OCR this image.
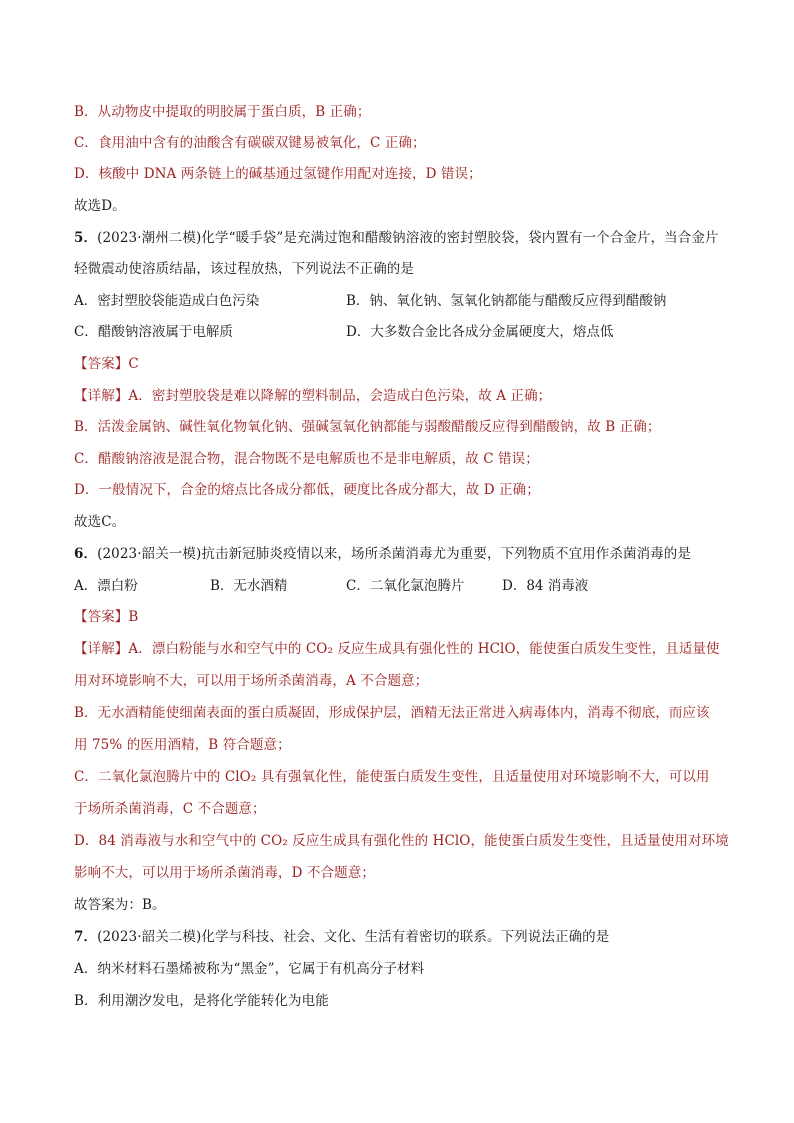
B．从动物皮中提取的明胶属于蛋白质，B 正确；
C．食用油中含有的油酸含有碳碳双键易被氧化，C 正确；
D．核酸中 DNA 两条链上的碱基通过氢键作用配对连接，D 错误；
故选D。
5．(2023·潮州二模)化学“暖手袋”是充满过饱和醋酸钠溶液的密封塑胶袋，袋内置有一个合金片，当合金片
轻微震动使溶质结晶，该过程放热，下列说法不正确的是
A．密封塑胶袋能造成白色污染	B．钠、氧化钠、氢氧化钠都能与醋酸反应得到醋酸钠
C．醋酸钠溶液属于电解质	D．大多数合金比各成分金属硬度大，熔点低
【答案】C
【详解】A．密封塑胶袋是难以降解的塑料制品，会造成白色污染，故 A 正确；
B．活泼金属钠、碱性氧化物氧化钠、强碱氢氧化钠都能与弱酸醋酸反应得到醋酸钠，故 B 正确；
C．醋酸钠溶液是混合物，混合物既不是电解质也不是非电解质，故 C 错误；
D．一般情况下，合金的熔点比各成分都低，硬度比各成分都大，故 D 正确；
故选C。
6．(2023·韶关一模)抗击新冠肺炎疫情以来，场所杀菌消毒尤为重要，下列物质不宜用作杀菌消毒的是
A．漂白粉	B．无水酒精	C．二氧化氯泡腾片	D．84 消毒液
【答案】B
【详解】A．漂白粉能与水和空气中的 CO₂ 反应生成具有强化性的 HClO，能使蛋白质发生变性，且适量使
用对环境影响不大，可以用于场所杀菌消毒，A 不合题意；
B．无水酒精能使细菌表面的蛋白质凝固，形成保护层，酒精无法正常进入病毒体内，消毒不彻底，而应该
用 75% 的医用酒精，B 符合题意；
C．二氧化氯泡腾片中的 ClO₂ 具有强氧化性，能使蛋白质发生变性，且适量使用对环境影响不大，可以用
于场所杀菌消毒，C 不合题意；
D．84 消毒液与水和空气中的 CO₂ 反应生成具有强化性的 HClO，能使蛋白质发生变性，且适量使用对环境
影响不大，可以用于场所杀菌消毒，D 不合题意；
故答案为：B。
7．(2023·韶关二模)化学与科技、社会、文化、生活有着密切的联系。下列说法正确的是
A．纳米材料石墨烯被称为“黑金”，它属于有机高分子材料
B．利用潮汐发电，是将化学能转化为电能
